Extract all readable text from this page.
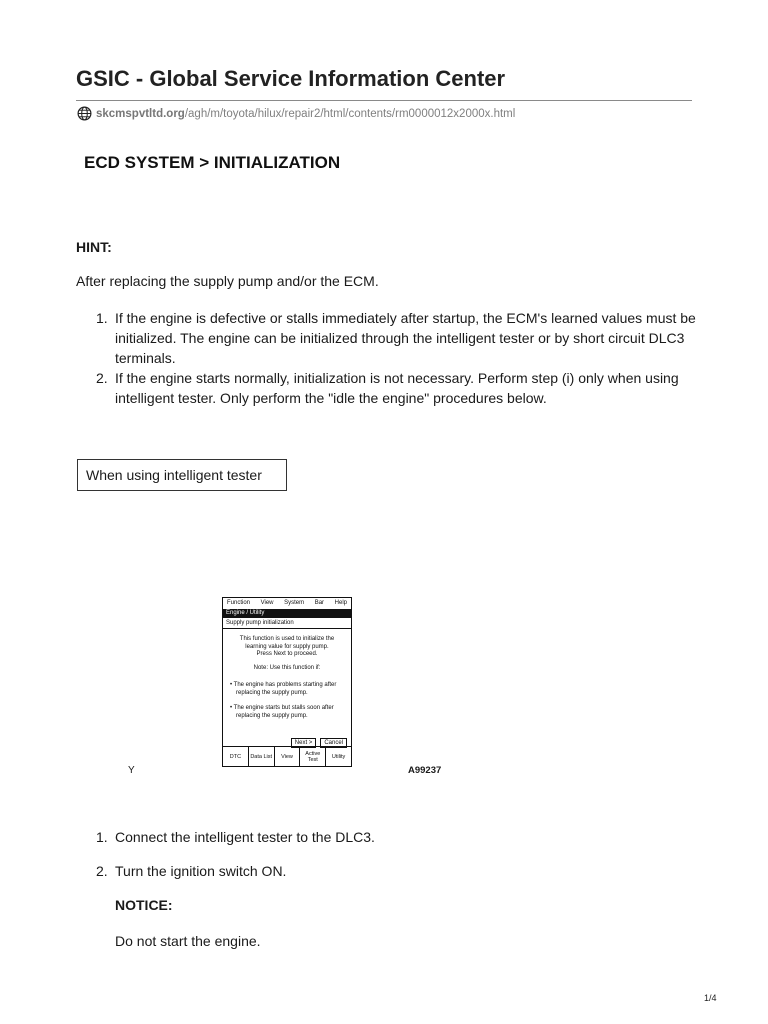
GSIC - Global Service Information Center
skcmspvtltd.org /agh/m/toyota/hilux/repair2/html/contents/rm0000012x2000x.html
ECD SYSTEM > INITIALIZATION
HINT:
After replacing the supply pump and/or the ECM.
1. If the engine is defective or stalls immediately after startup, the ECM's learned values must be initialized. The engine can be initialized through the intelligent tester or by short circuit DLC3 terminals.
2. If the engine starts normally, initialization is not necessary. Perform step (i) only when using intelligent tester. Only perform the "idle the engine" procedures below.
When using intelligent tester
Function View System Bar Help
Engine / Utility
Supply pump initialization
This function is used to initialize the
learning value for supply pump.
Press Next to proceed.
Note: Use this function if:
• The engine has problems starting after replacing the supply pump.
• The engine starts but stalls soon after replacing the supply pump.
Next >	Cancel
DTC	Data List	View	Active Test	Utility
Y	A99237
1. Connect the intelligent tester to the DLC3.
2. Turn the ignition switch ON.
NOTICE:
Do not start the engine.
1/4
